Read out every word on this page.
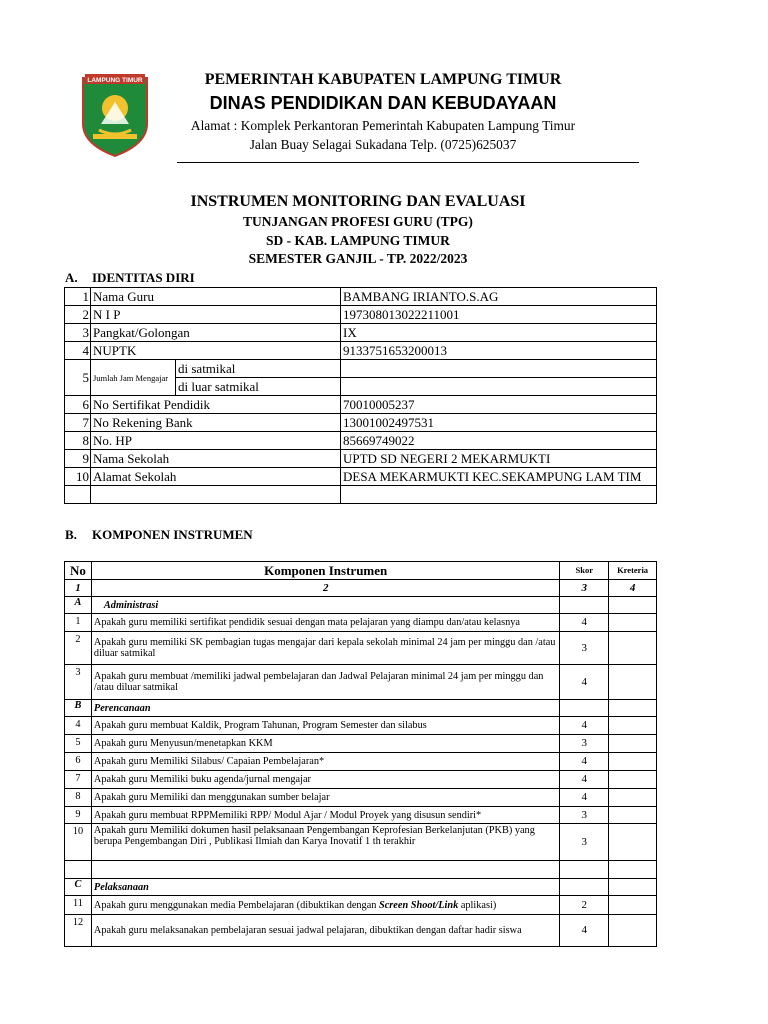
LAMPUNG TIMUR	PEMERINTAH KABUPATEN LAMPUNG TIMUR
DINAS PENDIDIKAN DAN KEBUDAYAAN
Alamat : Komplek Perkantoran Pemerintah Kabupaten Lampung Timur
Jalan Buay Selagai Sukadana Telp. (0725)625037
INSTRUMEN MONITORING DAN EVALUASI
TUNJANGAN PROFESI GURU (TPG)
SD - KAB. LAMPUNG TIMUR
SEMESTER GANJIL - TP. 2022/2023
A. IDENTITAS DIRI
1	Nama Guru		BAMBANG IRIANTO.S.AG
2	N I P		197308013022211001
3	Pangkat/Golongan		IX
4	NUPTK		9133751653200013
5	Jumlah Jam Mengajar	di satmikal	
		di luar satmikal	
6	No Sertifikat Pendidik		70010005237
7	No Rekening Bank		13001002497531
8	No. HP		85669749022
9	Nama Sekolah		UPTD SD NEGERI 2 MEKARMUKTI
10	Alamat Sekolah		DESA MEKARMUKTI KEC.SEKAMPUNG LAM TIM

B. KOMPONEN INSTRUMEN
No	Komponen Instrumen	Skor	Kreteria
1	2	3	4
A	Administrasi		
1	Apakah guru memiliki sertifikat pendidik sesuai dengan mata pelajaran yang diampu dan/atau kelasnya	4	
2	Apakah guru memiliki SK pembagian tugas mengajar dari kepala sekolah minimal 24 jam per minggu dan /atau diluar satmikal	3	
3	Apakah guru membuat /memiliki jadwal pembelajaran dan Jadwal Pelajaran minimal 24 jam per minggu dan /atau diluar satmikal	4	
B	Perencanaan		
4	Apakah guru membuat Kaldik, Program Tahunan, Program Semester dan silabus	4	
5	Apakah guru Menyusun/menetapkan KKM	3	
6	Apakah guru Memiliki Silabus/ Capaian Pembelajaran*	4	
7	Apakah guru Memiliki buku agenda/jurnal mengajar	4	
8	Apakah guru Memiliki dan menggunakan sumber belajar	4	
9	Apakah guru membuat RPPMemiliki RPP/ Modul Ajar / Modul Proyek yang disusun sendiri*	3	
10	Apakah guru Memiliki dokumen hasil pelaksanaan Pengembangan Keprofesian Berkelanjutan (PKB) yang berupa Pengembangan Diri , Publikasi Ilmiah dan Karya Inovatif 1 th terakhir	3	

C	Pelaksanaan		
11	Apakah guru menggunakan media Pembelajaran (dibuktikan dengan Screen Shoot/Link aplikasi)	2	
12	Apakah guru melaksanakan pembelajaran sesuai jadwal pelajaran, dibuktikan dengan daftar hadir siswa	4	
